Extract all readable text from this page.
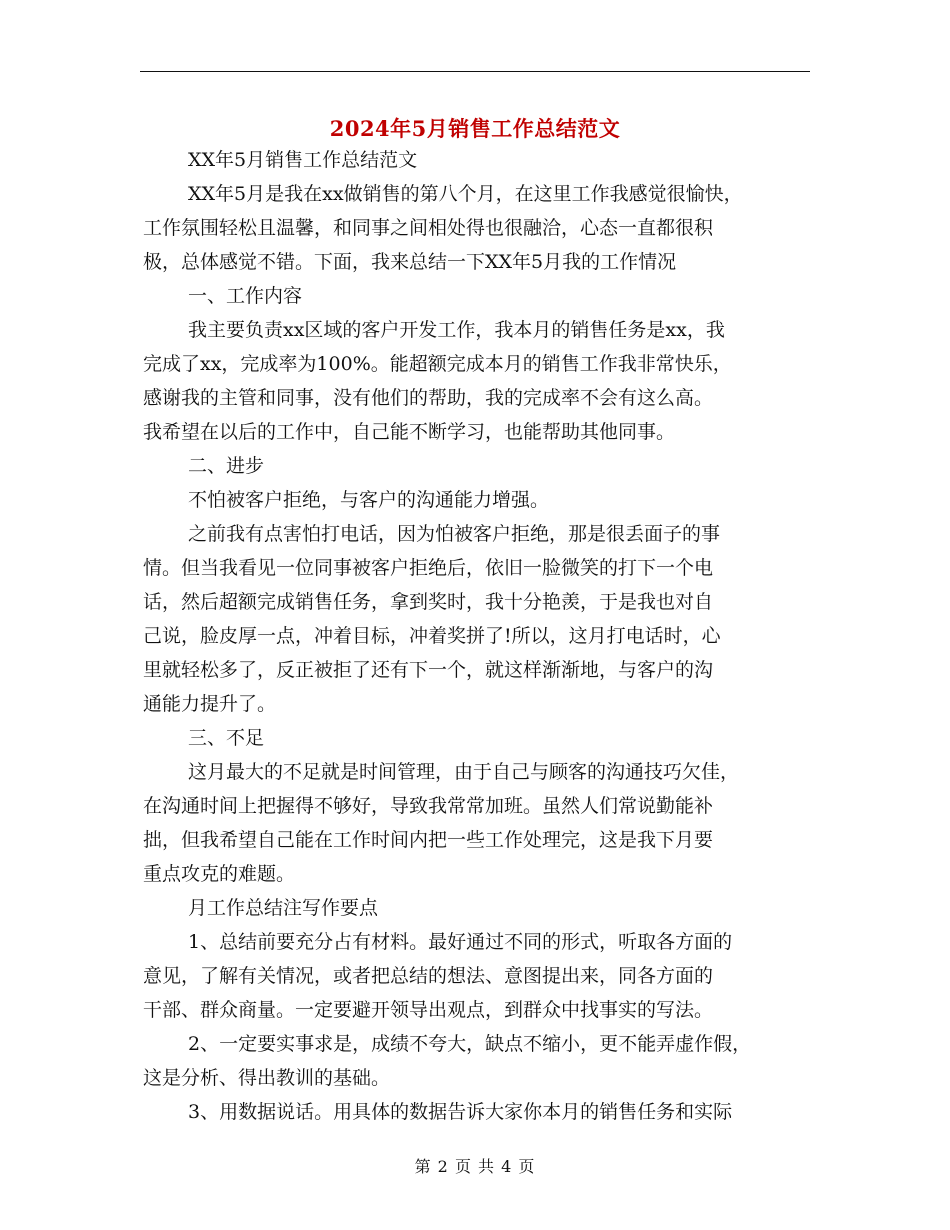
2024年5月销售工作总结范文
XX年5月销售工作总结范文
XX年5月是我在xx做销售的第八个月，在这里工作我感觉很愉快，
工作氛围轻松且温馨，和同事之间相处得也很融洽，心态一直都很积
极，总体感觉不错。下面，我来总结一下XX年5月我的工作情况
一、工作内容
我主要负责xx区域的客户开发工作，我本月的销售任务是xx，我
完成了xx，完成率为100%。能超额完成本月的销售工作我非常快乐，
感谢我的主管和同事，没有他们的帮助，我的完成率不会有这么高。
我希望在以后的工作中，自己能不断学习，也能帮助其他同事。
二、进步
不怕被客户拒绝，与客户的沟通能力增强。
之前我有点害怕打电话，因为怕被客户拒绝，那是很丢面子的事
情。但当我看见一位同事被客户拒绝后，依旧一脸微笑的打下一个电
话，然后超额完成销售任务，拿到奖时，我十分艳羡，于是我也对自
己说，脸皮厚一点，冲着目标，冲着奖拼了!所以，这月打电话时，心
里就轻松多了，反正被拒了还有下一个，就这样渐渐地，与客户的沟
通能力提升了。
三、不足
这月最大的不足就是时间管理，由于自己与顾客的沟通技巧欠佳，
在沟通时间上把握得不够好，导致我常常加班。虽然人们常说勤能补
拙，但我希望自己能在工作时间内把一些工作处理完，这是我下月要
重点攻克的难题。
月工作总结注写作要点
1、总结前要充分占有材料。最好通过不同的形式，听取各方面的
意见，了解有关情况，或者把总结的想法、意图提出来，同各方面的
干部、群众商量。一定要避开领导出观点，到群众中找事实的写法。
2、一定要实事求是，成绩不夸大，缺点不缩小，更不能弄虚作假，
这是分析、得出教训的基础。
3、用数据说话。用具体的数据告诉大家你本月的销售任务和实际
第 2 页 共 4 页
